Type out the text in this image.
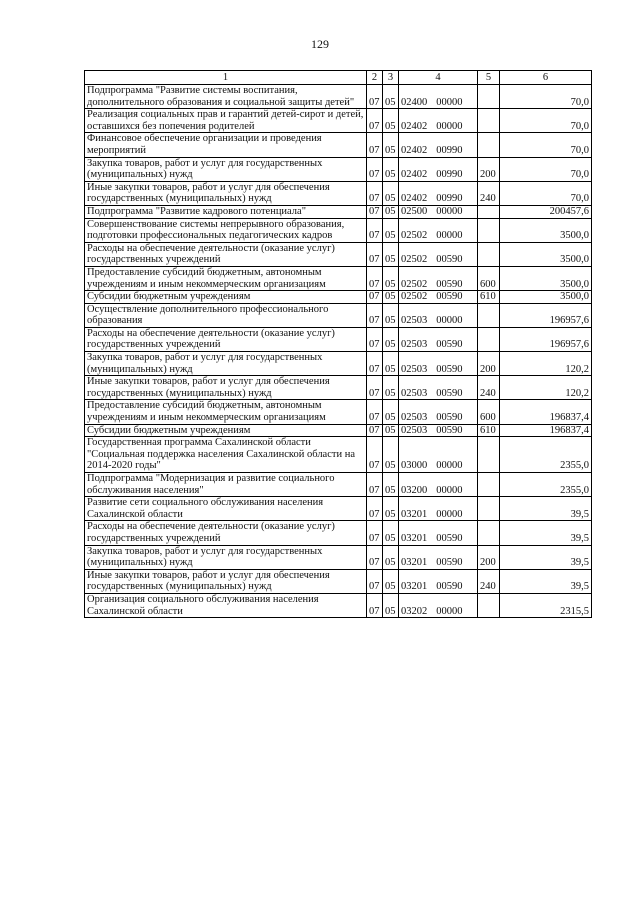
129
1	2	3	4	5	6
Подпрограмма "Развитие системы воспитания, дополнительного образования и социальной защиты детей"	07	05	02400 00000		70,0
Реализация социальных прав и гарантий детей-сирот и детей, оставшихся без попечения родителей	07	05	02402 00000		70,0
Финансовое обеспечение организации и проведения мероприятий	07	05	02402 00990		70,0
Закупка товаров, работ и услуг для государственных (муниципальных) нужд	07	05	02402 00990	200	70,0
Иные закупки товаров, работ и услуг для обеспечения государственных (муниципальных) нужд	07	05	02402 00990	240	70,0
Подпрограмма "Развитие кадрового потенциала"	07	05	02500 00000		200457,6
Совершенствование системы непрерывного образования, подготовки профессиональных педагогических кадров	07	05	02502 00000		3500,0
Расходы на обеспечение деятельности (оказание услуг) государственных учреждений	07	05	02502 00590		3500,0
Предоставление субсидий бюджетным, автономным учреждениям и иным некоммерческим организациям	07	05	02502 00590	600	3500,0
Субсидии бюджетным учреждениям	07	05	02502 00590	610	3500,0
Осуществление дополнительного профессионального образования	07	05	02503 00000		196957,6
Расходы на обеспечение деятельности (оказание услуг) государственных учреждений	07	05	02503 00590		196957,6
Закупка товаров, работ и услуг для государственных (муниципальных) нужд	07	05	02503 00590	200	120,2
Иные закупки товаров, работ и услуг для обеспечения государственных (муниципальных) нужд	07	05	02503 00590	240	120,2
Предоставление субсидий бюджетным, автономным учреждениям и иным некоммерческим организациям	07	05	02503 00590	600	196837,4
Субсидии бюджетным учреждениям	07	05	02503 00590	610	196837,4
Государственная программа Сахалинской области "Социальная поддержка населения Сахалинской области на 2014-2020 годы"	07	05	03000 00000		2355,0
Подпрограмма "Модернизация и развитие социального обслуживания населения"	07	05	03200 00000		2355,0
Развитие сети социального обслуживания населения Сахалинской области	07	05	03201 00000		39,5
Расходы на обеспечение деятельности (оказание услуг) государственных учреждений	07	05	03201 00590		39,5
Закупка товаров, работ и услуг для государственных (муниципальных) нужд	07	05	03201 00590	200	39,5
Иные закупки товаров, работ и услуг для обеспечения государственных (муниципальных) нужд	07	05	03201 00590	240	39,5
Организация социального обслуживания населения Сахалинской области	07	05	03202 00000		2315,5
